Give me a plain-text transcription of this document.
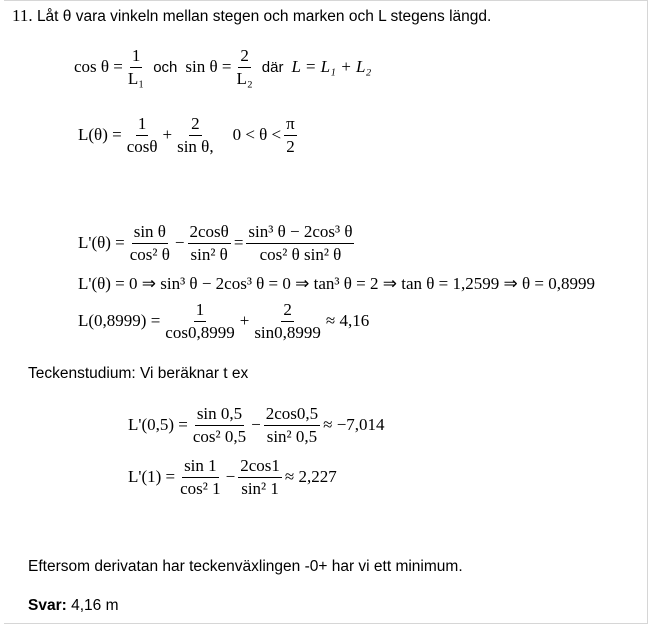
11. Låt θ vara vinkeln mellan stegen och marken och L stegens längd.
$\cos \theta = \frac{1}{\text{L₁}}$ och $\sin \theta = \frac{2}{\text{L₂}}$ där L = L₁ + L₂
$L(\theta) = \frac{1}{\cos\theta} + \frac{2}{\text{sin θ,}} 0 < \theta < \frac{\pi}{2}$
$L'(\theta) = \frac{\text{sin θ}}{\text{cos² θ}} - \frac{2\cos\theta}{\text{sin² θ}} = \frac{\text{sin³ θ − 2cos³ θ}}{\text{cos² θ sin² θ}}$
L'(θ) = 0 ⇒ sin³ θ − 2cos³ θ = 0 ⇒ tan³ θ = 2 ⇒ tan θ = 1,2599 ⇒ θ = 0,8999
$L(0,8999) = \frac{1}{\cos 0,8999} + \frac{2}{\sin 0,8999} \approx 4,16$
Teckenstudium: Vi beräknar t ex
$L'(0,5) = \frac{\sin 0,5}{\text{cos² 0,5}} - \frac{2\cos 0,5}{\text{sin² 0,5}} \approx -7,014$
$L'(1) = \frac{\sin 1}{\text{cos² 1}} - \frac{2\cos 1}{\text{sin² 1}} \approx 2,227$
Eftersom derivatan har teckenväxlingen -0+ har vi ett minimum.
Svar: 4,16 m
